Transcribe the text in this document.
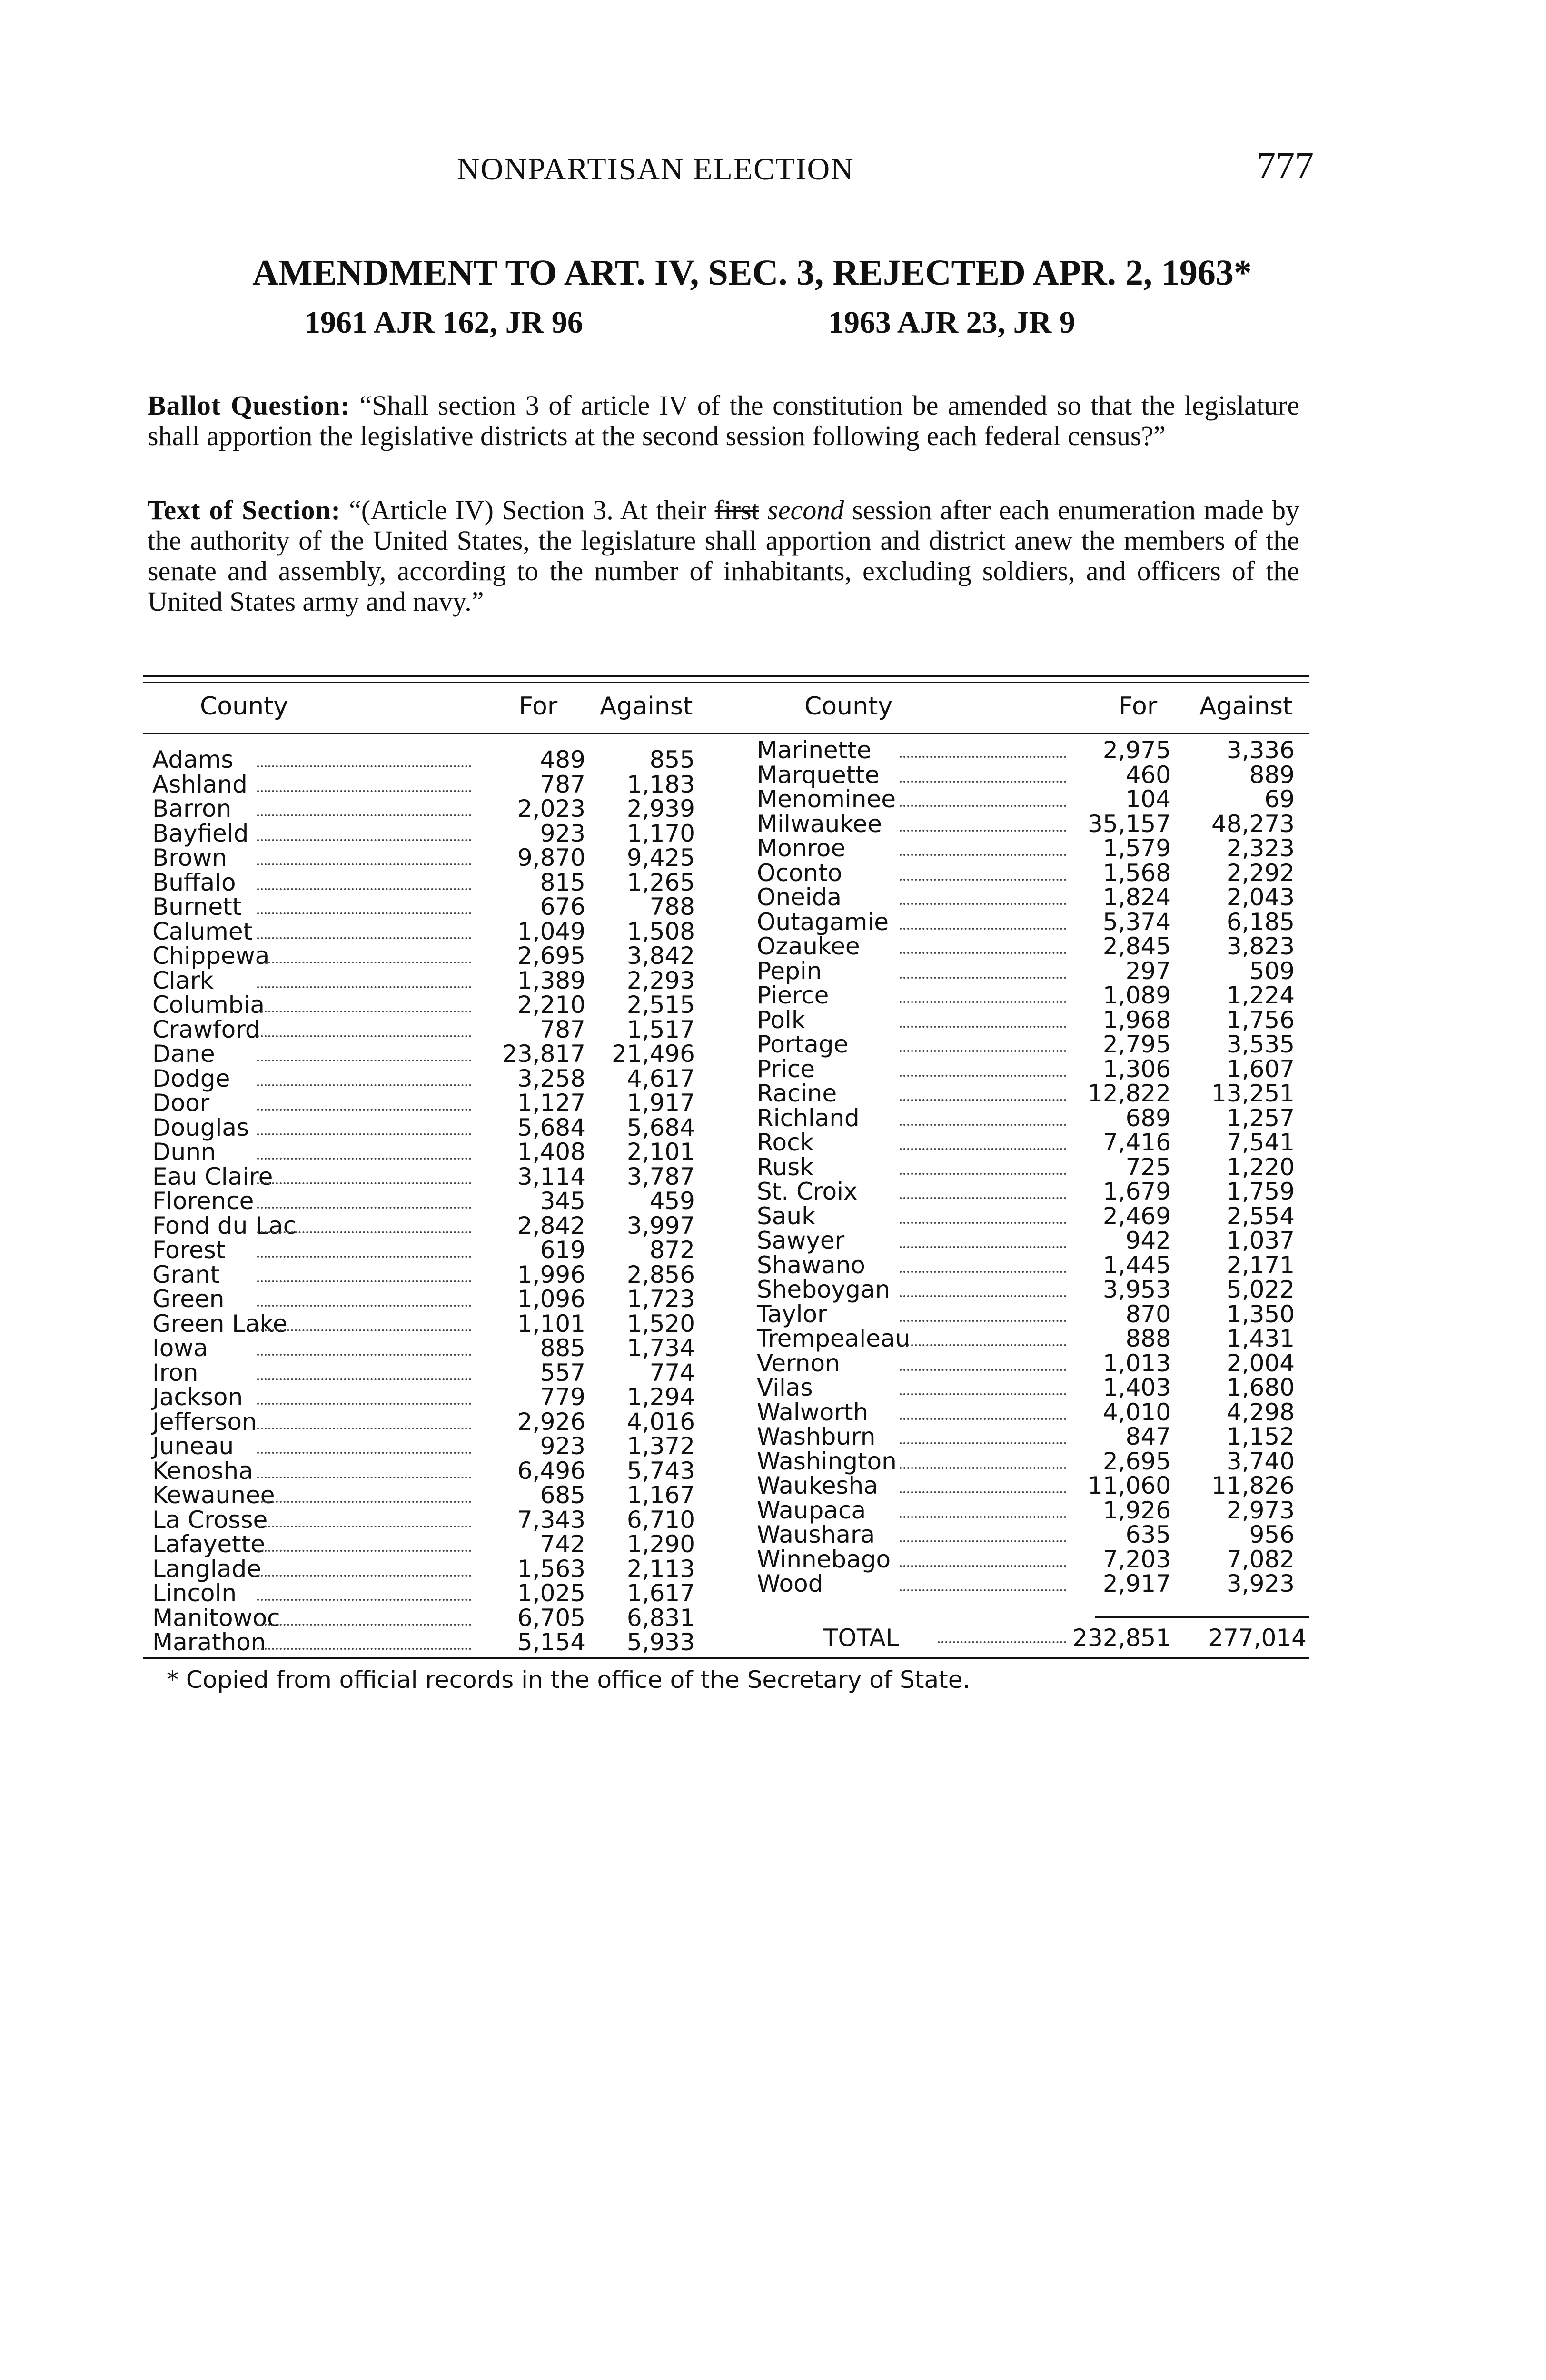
NONPARTISAN ELECTION	777
AMENDMENT TO ART. IV, SEC. 3, REJECTED APR. 2, 1963*
1961 AJR 162, JR 96	1963 AJR 23, JR 9
Ballot Question: “Shall section 3 of article IV of the constitution be amended so that the legislature shall apportion the legislative districts at the second session following each federal census?”
Text of Section: “(Article IV) Section 3. At their first second session after each enumeration made by the authority of the United States, the legislature shall apportion and district anew the members of the senate and assembly, according to the number of inhabitants, excluding soldiers, and officers of the United States army and navy.”
County	For Against	County	For Against
Adams	489	855
Ashland	787	1,183
Barron	2,023	2,939
Bayfield	923	1,170
Brown	9,870	9,425
Buffalo	815	1,265
Burnett	676	788
Calumet	1,049	1,508
Chippewa	2,695	3,842
Clark	1,389	2,293
Columbia	2,210	2,515
Crawford	787	1,517
Dane	23,817	21,496
Dodge	3,258	4,617
Door	1,127	1,917
Douglas	5,684	5,684
Dunn	1,408	2,101
Eau Claire	3,114	3,787
Florence	345	459
Fond du Lac	2,842	3,997
Forest	619	872
Grant	1,996	2,856
Green	1,096	1,723
Green Lake	1,101	1,520
Iowa	885	1,734
Iron	557	774
Jackson	779	1,294
Jefferson	2,926	4,016
Juneau	923	1,372
Kenosha	6,496	5,743
Kewaunee	685	1,167
La Crosse	7,343	6,710
Lafayette	742	1,290
Langlade	1,563	2,113
Lincoln	1,025	1,617
Manitowoc	6,705	6,831
Marathon	5,154	5,933
Marinette	2,975	3,336
Marquette	460	889
Menominee	104	69
Milwaukee	35,157	48,273
Monroe	1,579	2,323
Oconto	1,568	2,292
Oneida	1,824	2,043
Outagamie	5,374	6,185
Ozaukee	2,845	3,823
Pepin	297	509
Pierce	1,089	1,224
Polk	1,968	1,756
Portage	2,795	3,535
Price	1,306	1,607
Racine	12,822	13,251
Richland	689	1,257
Rock	7,416	7,541
Rusk	725	1,220
St. Croix	1,679	1,759
Sauk	2,469	2,554
Sawyer	942	1,037
Shawano	1,445	2,171
Sheboygan	3,953	5,022
Taylor	870	1,350
Trempealeau	888	1,431
Vernon	1,013	2,004
Vilas	1,403	1,680
Walworth	4,010	4,298
Washburn	847	1,152
Washington	2,695	3,740
Waukesha	11,060	11,826
Waupaca	1,926	2,973
Waushara	635	956
Winnebago	7,203	7,082
Wood	2,917	3,923
TOTAL	232,851	277,014
* Copied from official records in the office of the Secretary of State.
